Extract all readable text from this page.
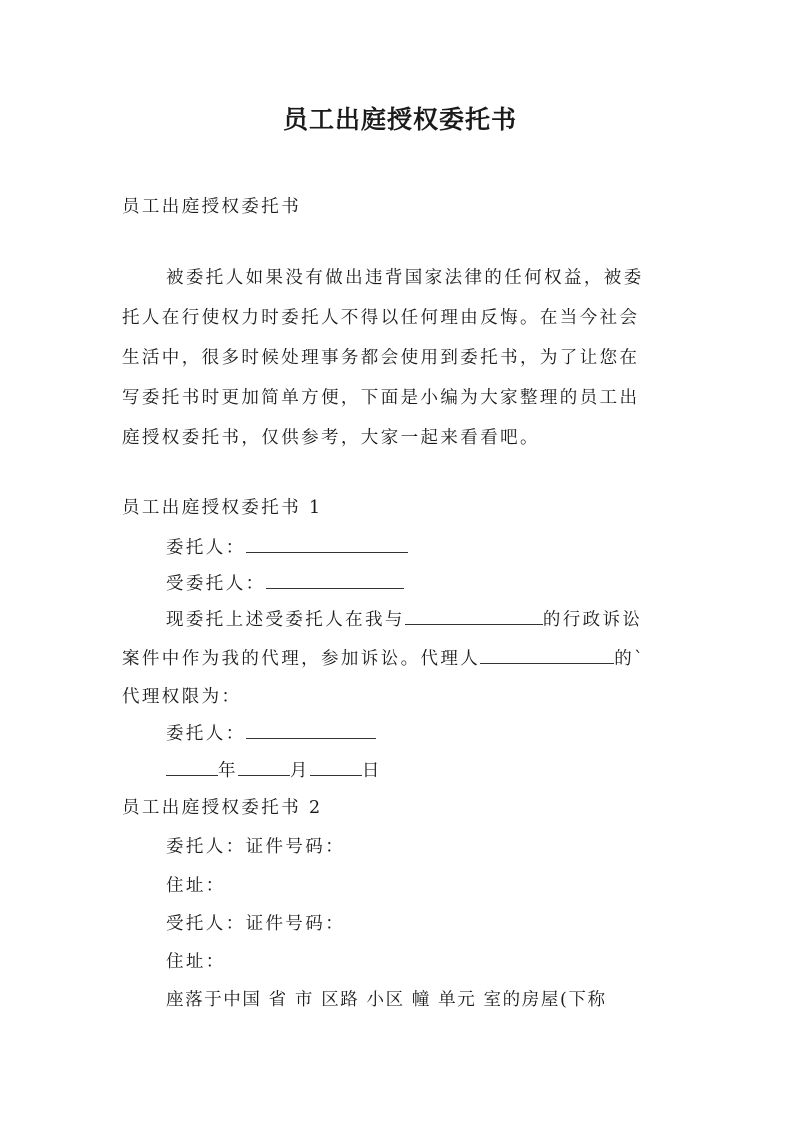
员工出庭授权委托书
员工出庭授权委托书
被委托人如果没有做出违背国家法律的任何权益，被委
托人在行使权力时委托人不得以任何理由反悔。在当今社会
生活中，很多时候处理事务都会使用到委托书，为了让您在
写委托书时更加简单方便，下面是小编为大家整理的员工出
庭授权委托书，仅供参考，大家一起来看看吧。
员工出庭授权委托书 1
委托人：
受委托人：
现委托上述受委托人在我与	的行政诉讼
案件中作为我的代理，参加诉讼。代理人	的`
代理权限为：
委托人：
年	月	日
员工出庭授权委托书 2
委托人：证件号码：
住址：
受托人：证件号码：
住址：
座落于中国 省 市 区路 小区 幢 单元 室的房屋(下称
